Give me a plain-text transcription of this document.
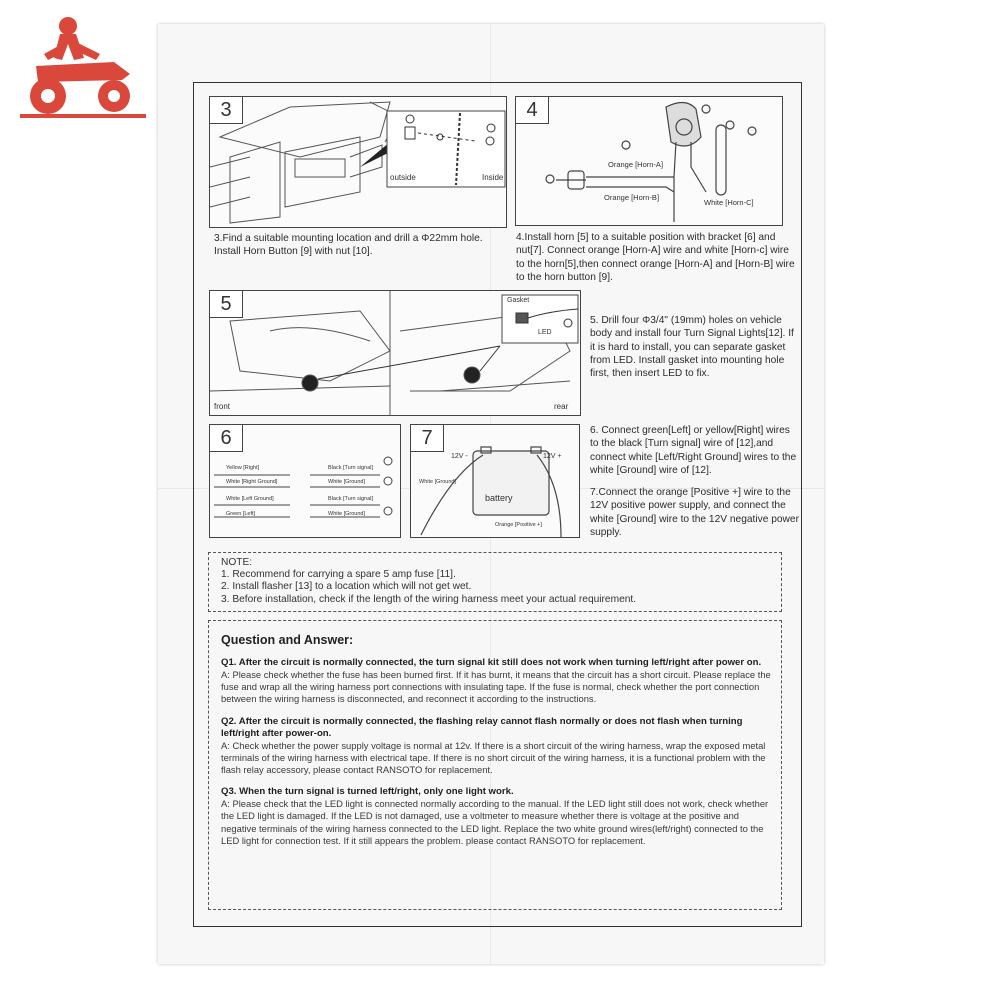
3
outside	Inside
3.Find a suitable mounting location and drill a Φ22mm hole. Install Horn Button [9] with nut [10].
4
Orange [Horn-A]
Orange [Horn-B]
White [Horn-C]
4.Install horn [5] to a suitable position with bracket [6] and nut[7]. Connect orange [Horn-A] wire and white [Horn-c] wire to the horn[5],then connect orange [Horn-A] and [Horn-B] wire to the horn button [9].
5
front	rear
Gasket
LED
5. Drill four Φ3/4" (19mm) holes on vehicle body and install four Turn Signal Lights[12]. If it is hard to install, you can separate gasket from LED. Install gasket into mounting hole first, then insert LED to fix.
6
Yellow [Right]	Black [Turn signal]
White [Right Ground]	White [Ground]
White [Left Ground]	Black [Turn signal]
Green [Left]	White [Ground]
7
12V -	12V +
White [Ground]
battery
Orange [Positive +]
6. Connect green[Left] or yellow[Right] wires to the black [Turn signal] wire of [12],and connect white [Left/Right Ground] wires to the white [Ground] wire of [12].
7.Connect the orange [Positive +] wire to the 12V positive power supply, and connect the white [Ground] wire to the 12V negative power supply.
NOTE:
1. Recommend for carrying a spare 5 amp fuse [11].
2. Install flasher [13] to a location which will not get wet.
3. Before installation, check if the length of the wiring harness meet your actual requirement.
Question and Answer:
Q1. After the circuit is normally connected, the turn signal kit still does not work when turning left/right after power on.
A: Please check whether the fuse has been burned first. If it has burnt, it means that the circuit has a short circuit. Please replace the fuse and wrap all the wiring harness port connections with insulating tape. If the fuse is normal, check whether the port connection between the wiring harness is disconnected, and reconnect it according to the instructions.
Q2. After the circuit is normally connected, the flashing relay cannot flash normally or does not flash when turning left/right after power-on.
A: Check whether the power supply voltage is normal at 12v. If there is a short circuit of the wiring harness, wrap the exposed metal terminals of the wiring harness with electrical tape. If there is no short circuit of the wiring harness, it is a functional problem with the flash relay accessory, please contact RANSOTO for replacement.
Q3. When the turn signal is turned left/right, only one light work.
A: Please check that the LED light is connected normally according to the manual. If the LED light still does not work, check whether the LED light is damaged. If the LED is not damaged, use a voltmeter to measure whether there is voltage at the positive and negative terminals of the wiring harness connected to the LED light. Replace the two white ground wires(left/right) connected to the LED light for connection test. If it still appears the problem. please contact RANSOTO for replacement.
